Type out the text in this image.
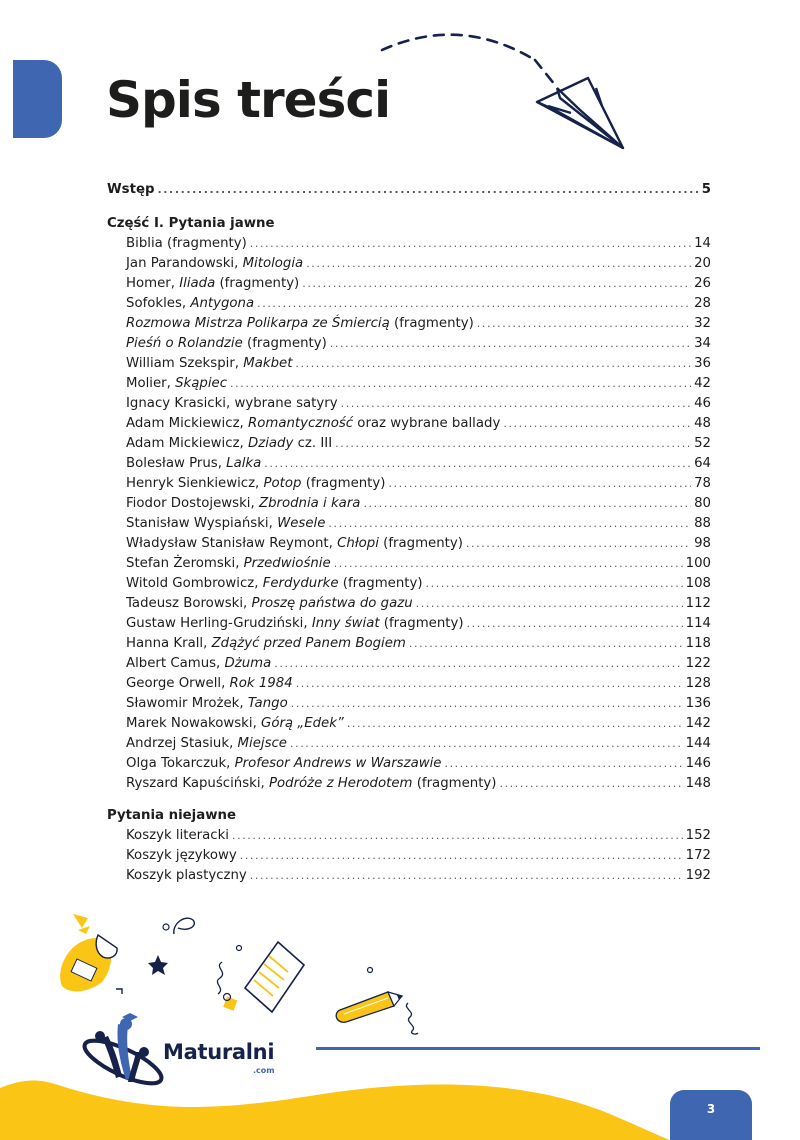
Spis treści
Wstęp .....	5
Część I. Pytania jawne
Biblia (fragmenty) .....	14
Jan Parandowski, Mitologia .....	20
Homer, Iliada (fragmenty) .....	26
Sofokles, Antygona .....	28
Rozmowa Mistrza Polikarpa ze Śmiercią (fragmenty) .....	32
Pieśń o Rolandzie (fragmenty) .....	34
William Szekspir, Makbet .....	36
Molier, Skąpiec .....	42
Ignacy Krasicki, wybrane satyry .....	46
Adam Mickiewicz, Romantyczność oraz wybrane ballady .....	48
Adam Mickiewicz, Dziady cz. III .....	52
Bolesław Prus, Lalka .....	64
Henryk Sienkiewicz, Potop (fragmenty) .....	78
Fiodor Dostojewski, Zbrodnia i kara .....	80
Stanisław Wyspiański, Wesele .....	88
Władysław Stanisław Reymont, Chłopi (fragmenty) .....	98
Stefan Żeromski, Przedwiośnie .....	100
Witold Gombrowicz, Ferdydurke (fragmenty) .....	108
Tadeusz Borowski, Proszę państwa do gazu .....	112
Gustaw Herling-Grudziński, Inny świat (fragmenty) .....	114
Hanna Krall, Zdążyć przed Panem Bogiem .....	118
Albert Camus, Dżuma .....	122
George Orwell, Rok 1984 .....	128
Sławomir Mrożek, Tango .....	136
Marek Nowakowski, Górą „Edek” .....	142
Andrzej Stasiuk, Miejsce .....	144
Olga Tokarczuk, Profesor Andrews w Warszawie .....	146
Ryszard Kapuściński, Podróże z Herodotem (fragmenty) .....	148
Pytania niejawne
Koszyk literacki .....	152
Koszyk językowy .....	172
Koszyk plastyczny .....	192
Maturalni
.com
3
